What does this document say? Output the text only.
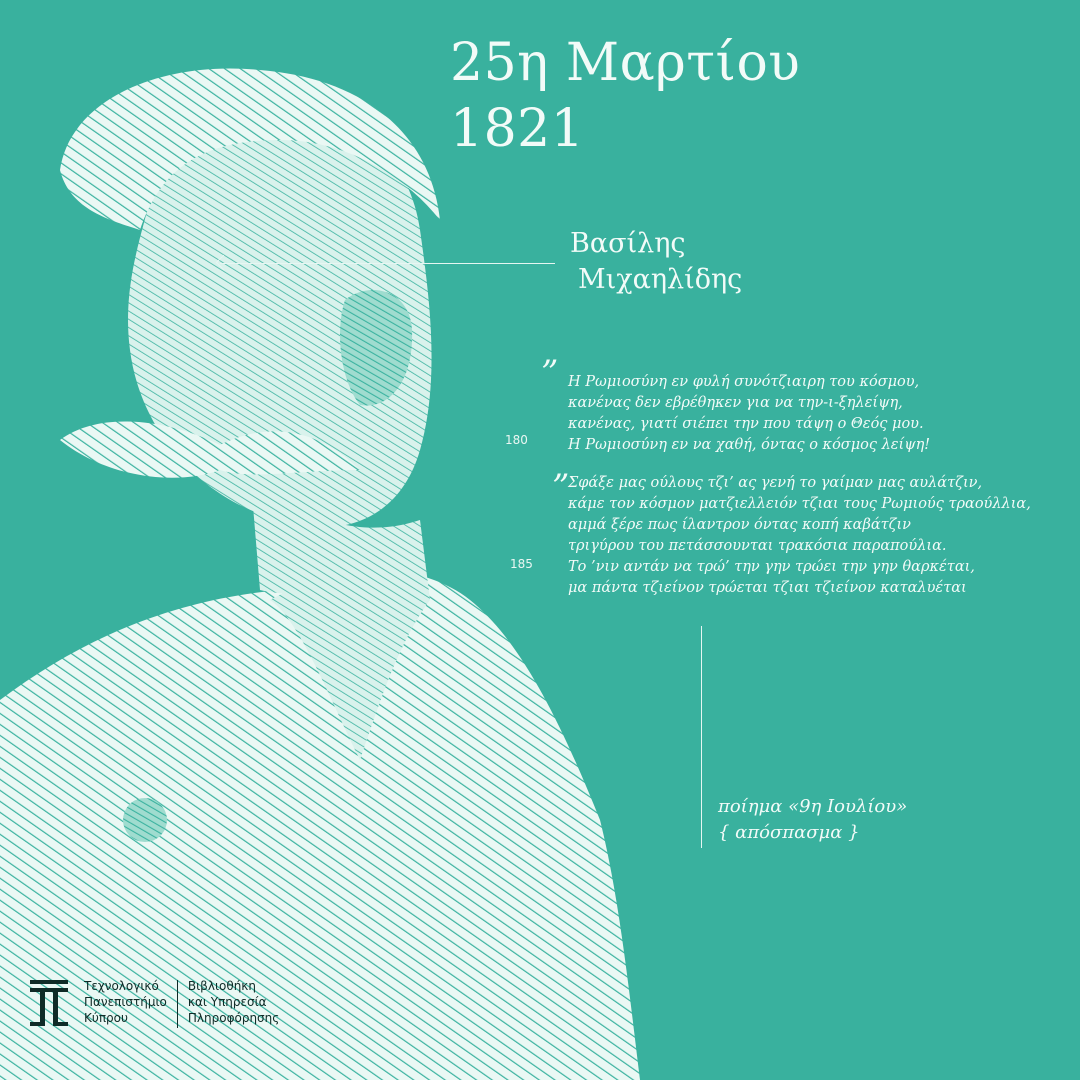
25η Μαρτίου
1821
Βασίλης
Μιχαηλίδης
”
180
Η Ρωμιοσύνη εν φυλή συνότζιαιρη του κόσμου,
κανένας δεν εβρέθηκεν για να την-ι-ξηλείψη,
κανένας, γιατί σιέπει την που τάψη ο Θεός μου.
Η Ρωμιοσύνη εν να χαθή, όντας ο κόσμος λείψη!
”
185
Σφάξε μας ούλους τζι’ ας γενή το γαίμαν μας αυλάτζιν,
κάμε τον κόσμον ματζιελλειόν τζιαι τους Ρωμιούς τραούλλια,
αμμά ξέρε πως ίλαντρον όντας κοπή καβάτζιν
τριγύρου του πετάσσουνται τρακόσια παραπούλια.
Το ’νιν αντάν να τρώ’ την γην τρώει την γην θαρκέται,
μα πάντα τζιείνον τρώεται τζιαι τζιείνον καταλυέται
ποίημα «9η Ιουλίου»
{ απόσπασμα }
Τεχνολογικό
Πανεπιστήμιο
Κύπρου
Βιβλιοθήκη
και Υπηρεσία
Πληροφόρησης
